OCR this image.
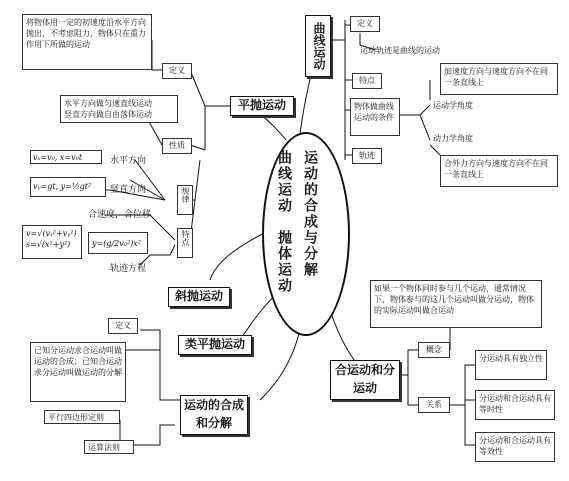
运动的合成与分解
曲线运动　抛体运动
曲线运动	定义
运动轨迹是曲线的运动
特点
物体做曲线运动的条件
加速度方向与速度方向不在同一条直线上
运动学角度
动力学角度
合外力方向与速度方向不在同一条直线上
轨迹
平抛运动
将物体用一定的初速度沿水平方向抛出，不考虑阻力，物体只在重力作用下所做的运动
定义
水平方向做匀速直线运动
竖直方向做自由落体运动
性质
规律
特点
水平方向
竖直方向
合速度，合位移
轨迹方程
vₓ=v₀, x=v₀t
vᵧ=gt, y=½gt²
v=√(vₓ²+vᵧ²)
s=√(x²+y²)	y=(g/2v₀²)x²
斜抛运动
类平抛运动
运动的合成和分解
定义
已知分运动求合运动叫做运动的合成；已知合运动求分运动叫做运动的分解
平行四边形定则
运算法则
合运动和分运动
如果一个物体同时参与几个运动，通常情况下，物体参与的这几个运动叫做分运动，物体的实际运动叫做合运动
概念
关系
分运动具有独立性
分运动和合运动具有等时性
分运动和合运动具有等效性
